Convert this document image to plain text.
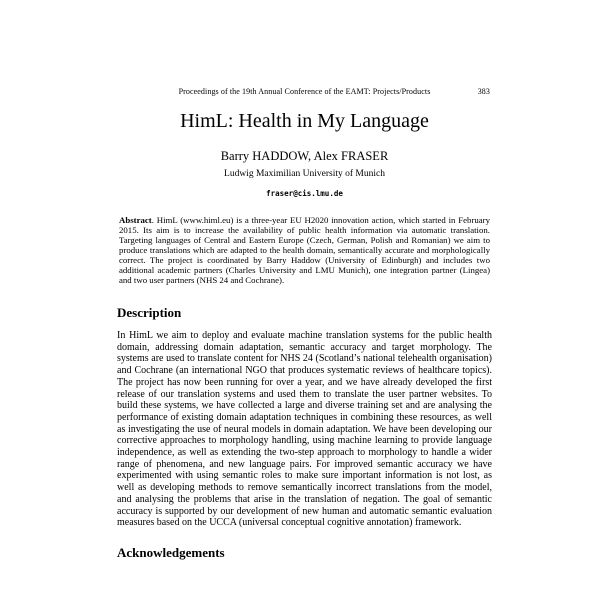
Proceedings of the 19th Annual Conference of the EAMT: Projects/Products	383
HimL: Health in My Language
Barry HADDOW, Alex FRASER
Ludwig Maximilian University of Munich
fraser@cis.lmu.de

Abstract. HimL (www.himl.eu) is a three-year EU H2020 innovation action, which started in February 2015. Its aim is to increase the availability of public health information via automatic translation. Targeting languages of Central and Eastern Europe (Czech, German, Polish and Romanian) we aim to produce translations which are adapted to the health domain, semantically accurate and morphologically correct. The project is coordinated by Barry Haddow (University of Edinburgh) and includes two additional academic partners (Charles University and LMU Munich), one integration partner (Lingea) and two user partners (NHS 24 and Cochrane).

Description

In HimL we aim to deploy and evaluate machine translation systems for the public health domain, addressing domain adaptation, semantic accuracy and target morphology. The systems are used to translate content for NHS 24 (Scotland’s national telehealth organisation) and Cochrane (an international NGO that produces systematic reviews of healthcare topics). The project has now been running for over a year, and we have already developed the first release of our translation systems and used them to translate the user partner websites. To build these systems, we have collected a large and diverse training set and are analysing the performance of existing domain adaptation techniques in combining these resources, as well as investigating the use of neural models in domain adaptation. We have been developing our corrective approaches to morphology handling, using machine learning to provide language independence, as well as extending the two-step approach to morphology to handle a wider range of phenomena, and new language pairs. For improved semantic accuracy we have experimented with using semantic roles to make sure important information is not lost, as well as developing methods to remove semantically incorrect translations from the model, and analysing the problems that arise in the translation of negation. The goal of semantic accuracy is supported by our development of new human and automatic semantic evaluation measures based on the UCCA (universal conceptual cognitive annotation) framework.

Acknowledgements
